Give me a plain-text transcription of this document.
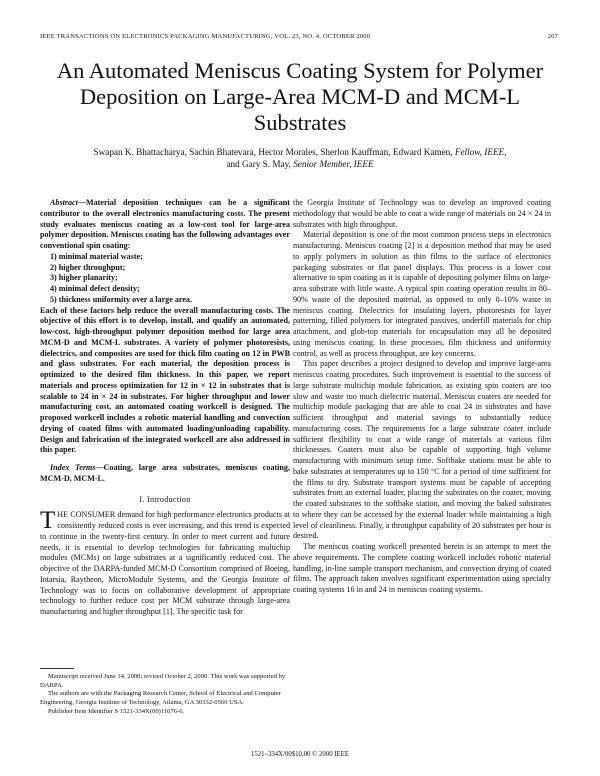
IEEE TRANSACTIONS ON ELECTRONICS PACKAGING MANUFACTURING, VOL. 23, NO. 4, OCTOBER 2000	267
An Automated Meniscus Coating System for Polymer
Deposition on Large-Area MCM-D and MCM-L
Substrates
Swapan K. Bhattacharya, Sachin Bhatevara, Hector Morales, Sherlon Kauffman, Edward Kamen, Fellow, IEEE,
and Gary S. May, Senior Member, IEEE

Abstract—Material deposition techniques can be a significant contributor to the overall electronics manufacturing costs. The present study evaluates meniscus coating as a low-cost tool for large-area polymer deposition. Meniscus coating has the following advantages over conventional spin coating:

1) minimal material waste;
2) higher throughput;
3) higher planarity;
4) minimal defect density;
5) thickness uniformity over a large area.

Each of these factors help reduce the overall manufacturing costs. The objective of this effort is to develop, install, and qualify an automated, low-cost, high-throughput polymer deposition method for large area MCM-D and MCM-L substrates. A variety of polymer photoresists, dielectrics, and composites are used for thick film coating on 12 in PWB and glass substrates. For each material, the deposition process is optimized to the desired film thickness. In this paper, we report materials and process optimization for 12 in × 12 in substrates that is scalable to 24 in × 24 in substrates. For higher throughput and lower manufacturing cost, an automated coating workcell is designed. The proposed workcell includes a robotic material handling and convection drying of coated films with automated loading/unloading capability. Design and fabrication of the integrated workcell are also addressed in this paper.

Index Terms—Coating, large area substrates, meniscus coating, MCM-D, MCM-L.

I. Introduction

THE CONSUMER demand for high performance electronics products at consistently reduced costs is ever increasing, and this trend is expected to continue in the twenty-first century. In order to meet current and future needs, it is essential to develop technologies for fabricating multichip modules (MCMs) on large substrates at a significantly reduced cost. The objective of the DARPA-funded MCM-D Consortium comprised of Boeing, Intarsia, Raytheon, MicroModule Systems, and the Georgia Institute of Technology was to focus on collaborative development of appropriate technology to further reduce cost per MCM substrate through large-area manufacturing and higher throughput [1]. The specific task for

Manuscript received June 14, 2000; revised October 2, 2000. This work was supported by DARPA.

The authors are with the Packaging Research Center, School of Electrical and Computer Engineering, Georgia Institute of Technology, Atlanta, GA 30332-0560 USA.

Publisher Item Identifier S 1521-334X(00)11076-6.

the Georgia Institute of Technology was to develop an improved coating methodology that would be able to coat a wide range of materials on 24 × 24 in substrates with high throughput.

Material deposition is one of the most common process steps in electronics manufacturing. Meniscus coating [2] is a deposition method that may be used to apply polymers in solution as thin films to the surface of electronics packaging substrates or flat panel displays. This process is a lower cost alternative to spin coating as it is capable of depositing polymer films on large-area substrate with little waste. A typical spin coating operation results in 80–90% waste of the deposited material, as opposed to only 0–10% waste in meniscus coating. Dielectrics for insulating layers, photoresists for layer patterning, filled polymers for integrated passives, underfill materials for chip attachment, and glob-top materials for encapsulation may all be deposited using meniscus coating. In these processes, film thickness and uniformity control, as well as process throughput, are key concerns.

This paper describes a project designed to develop and improve large-area meniscus coating procedures. Such improvement is essential to the success of large substrate multichip module fabrication, as existing spin coaters are too slow and waste too much dielectric material. Meniscus coaters are needed for multichip module packaging that are able to coat 24 in substrates and have sufficient throughput and material savings to substantially reduce manufacturing costs. The requirements for a large substrate coater include sufficient flexibility to coat a wide range of materials at various film thicknesses. Coaters must also be capable of supporting high volume manufacturing with minimum setup time. Softbake stations must be able to bake substrates at temperatures up to 150 °C for a period of time sufficient for the films to dry. Substrate transport systems must be capable of accepting substrates from an external loader, placing the substrates on the coater, moving the coated substrates to the softbake station, and moving the baked substrates to where they can be accessed by the external loader while maintaining a high level of cleanliness. Finally, a throughput capability of 20 substrates per hour is desired.

The meniscus coating workcell presented herein is an attempt to meet the above requirements. The complete coating workcell includes robotic material handling, in-line sample transport mechanism, and convection drying of coated films. The approach taken involves significant experimentation using specialty coating systems 16 in and 24 in meniscus coating systems.

1521–334X/00$10.00 © 2000 IEEE
